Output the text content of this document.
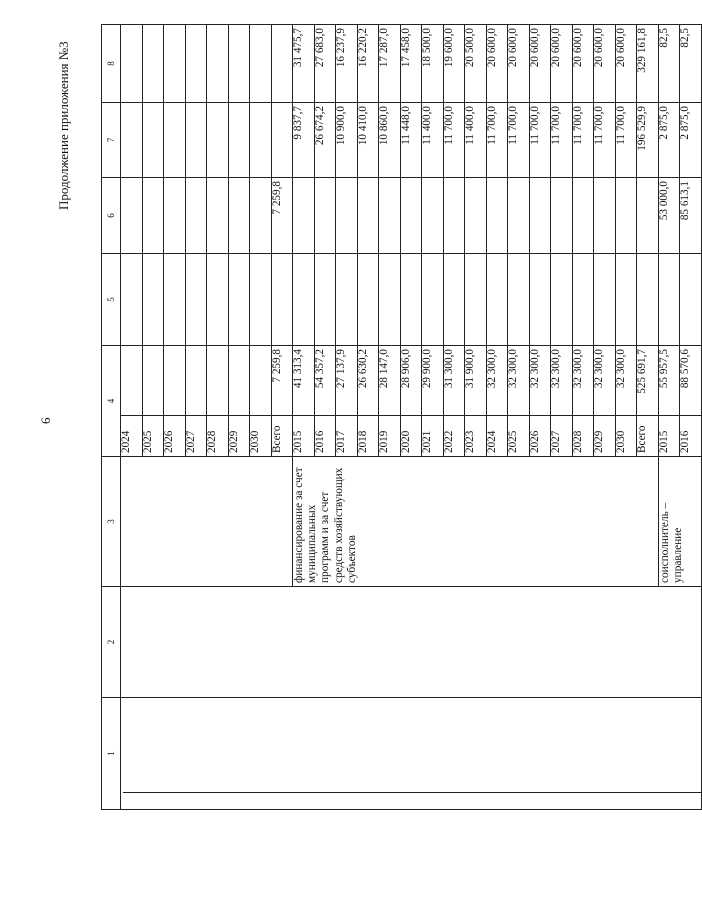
6
Продолжение приложения №3
1	2	3	4		5	6	7	8

			2024					
			2025					
			2026					
			2027					
			2028					
			2029					
			2030					
			Всего	7 259,8		7 259,8		
		финансирование за счет муниципальных программ и за счет средств хозяйствующих субъектов	2015	41 313,4			9 837,7	31 475,7
			2016	54 357,2			26 674,2	27 683,0
			2017	27 137,9			10 900,0	16 237,9
			2018	26 630,2			10 410,0	16 220,2
			2019	28 147,0			10 860,0	17 287,0
			2020	28 906,0			11 448,0	17 458,0
			2021	29 900,0			11 400,0	18 500,0
			2022	31 300,0			11 700,0	19 600,0
			2023	31 900,0			11 400,0	20 500,0
			2024	32 300,0			11 700,0	20 600,0
			2025	32 300,0			11 700,0	20 600,0
			2026	32 300,0			11 700,0	20 600,0
			2027	32 300,0			11 700,0	20 600,0
			2028	32 300,0			11 700,0	20 600,0
			2029	32 300,0			11 700,0	20 600,0
			2030	32 300,0			11 700,0	20 600,0
			Всего	525 691,7			196 529,9	329 161,8
		соисполнитель – управление	2015	55 957,5		53 000,0	2 875,0	82,5
			2016	88 570,6		85 613,1	2 875,0	82,5
